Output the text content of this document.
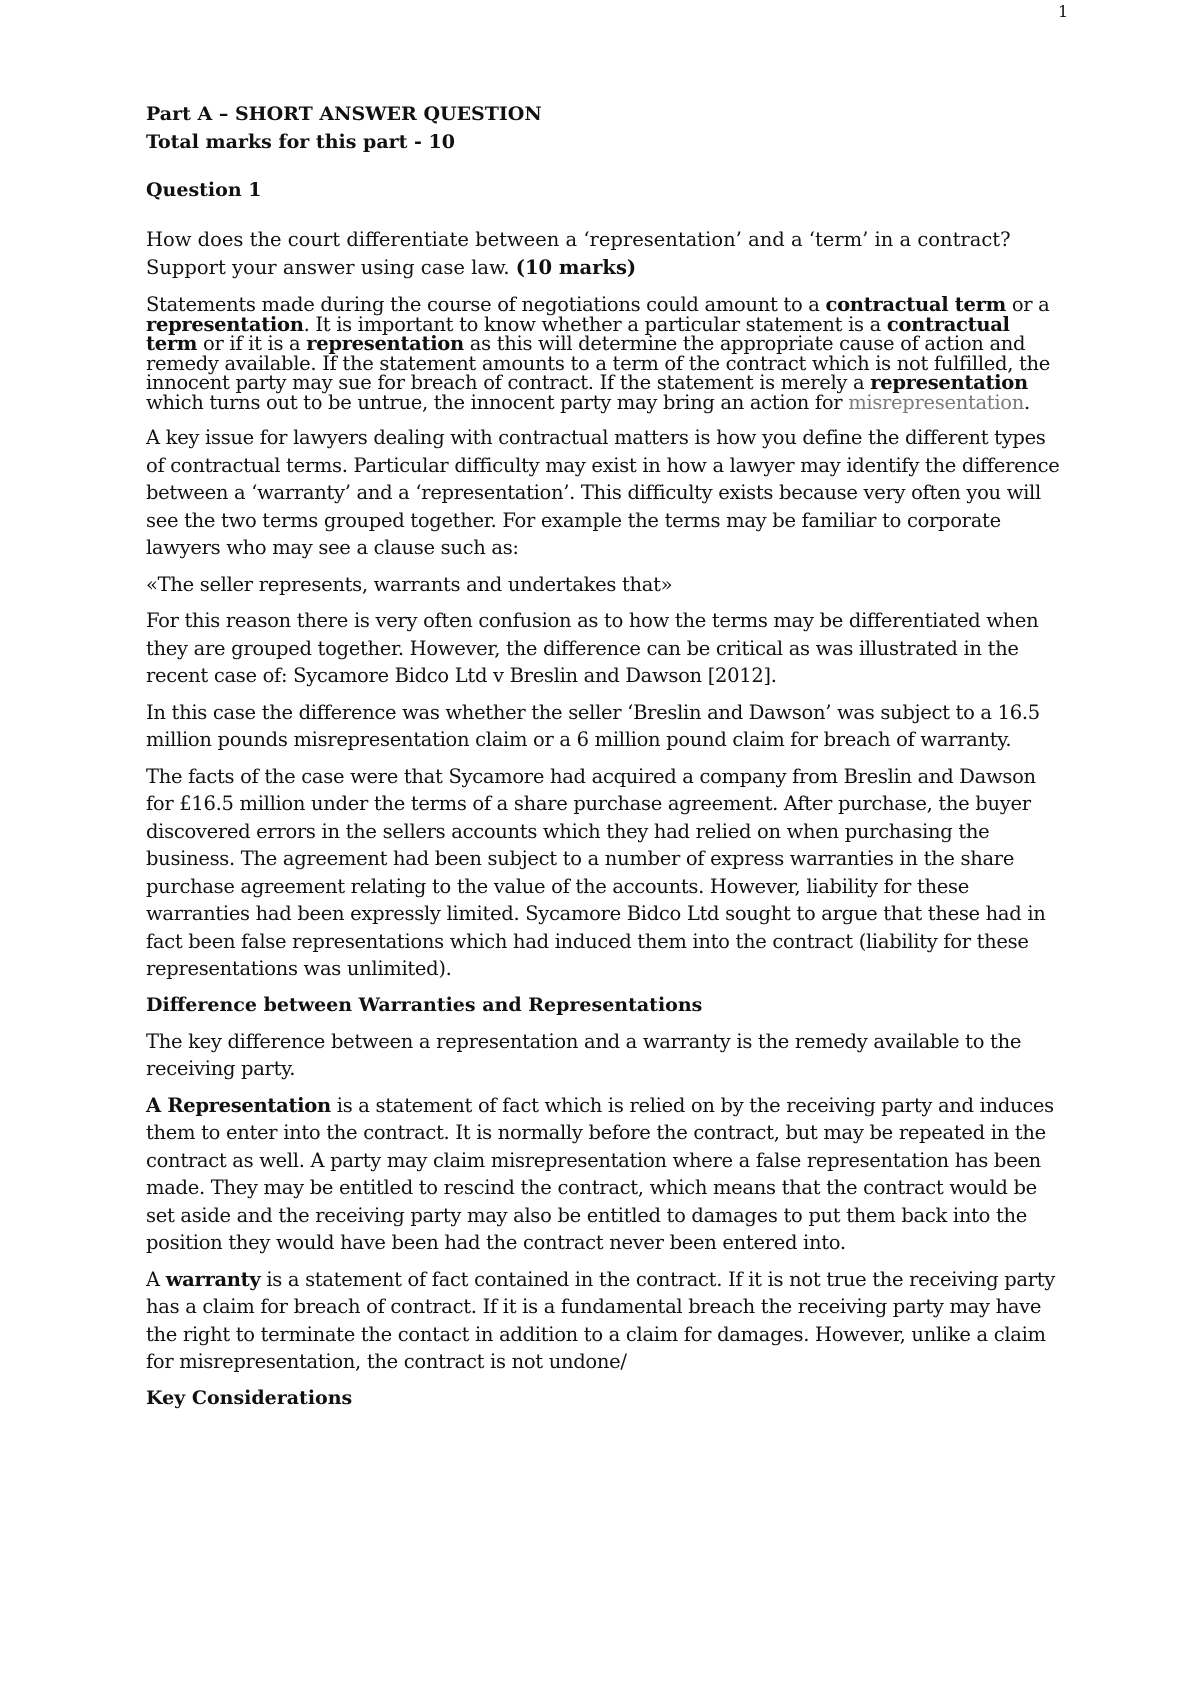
1
Part A – SHORT ANSWER QUESTION
Total marks for this part - 10
Question 1
How does the court differentiate between a ‘representation’ and a ‘term’ in a contract?
Support your answer using case law. (10 marks)

Statements made during the course of negotiations could amount to a contractual term or a representation. It is important to know whether a particular statement is a contractual term or if it is a representation as this will determine the appropriate cause of action and remedy available. If the statement amounts to a term of the contract which is not fulfilled, the innocent party may sue for breach of contract. If the statement is merely a representation which turns out to be untrue, the innocent party may bring an action for misrepresentation.

A key issue for lawyers dealing with contractual matters is how you define the different types of contractual terms. Particular difficulty may exist in how a lawyer may identify the difference between a ‘warranty’ and a ‘representation’. This difficulty exists because very often you will see the two terms grouped together. For example the terms may be familiar to corporate lawyers who may see a clause such as:

«The seller represents, warrants and undertakes that»

For this reason there is very often confusion as to how the terms may be differentiated when they are grouped together. However, the difference can be critical as was illustrated in the recent case of: Sycamore Bidco Ltd v Breslin and Dawson [2012].

In this case the difference was whether the seller ‘Breslin and Dawson’ was subject to a 16.5 million pounds misrepresentation claim or a 6 million pound claim for breach of warranty.

The facts of the case were that Sycamore had acquired a company from Breslin and Dawson for £16.5 million under the terms of a share purchase agreement. After purchase, the buyer discovered errors in the sellers accounts which they had relied on when purchasing the business. The agreement had been subject to a number of express warranties in the share purchase agreement relating to the value of the accounts. However, liability for these warranties had been expressly limited. Sycamore Bidco Ltd sought to argue that these had in fact been false representations which had induced them into the contract (liability for these representations was unlimited).

Difference between Warranties and Representations

The key difference between a representation and a warranty is the remedy available to the receiving party.

A Representation is a statement of fact which is relied on by the receiving party and induces them to enter into the contract. It is normally before the contract, but may be repeated in the contract as well. A party may claim misrepresentation where a false representation has been made. They may be entitled to rescind the contract, which means that the contract would be set aside and the receiving party may also be entitled to damages to put them back into the position they would have been had the contract never been entered into.

A warranty is a statement of fact contained in the contract. If it is not true the receiving party has a claim for breach of contract. If it is a fundamental breach the receiving party may have the right to terminate the contact in addition to a claim for damages. However, unlike a claim for misrepresentation, the contract is not undone/

Key Considerations
